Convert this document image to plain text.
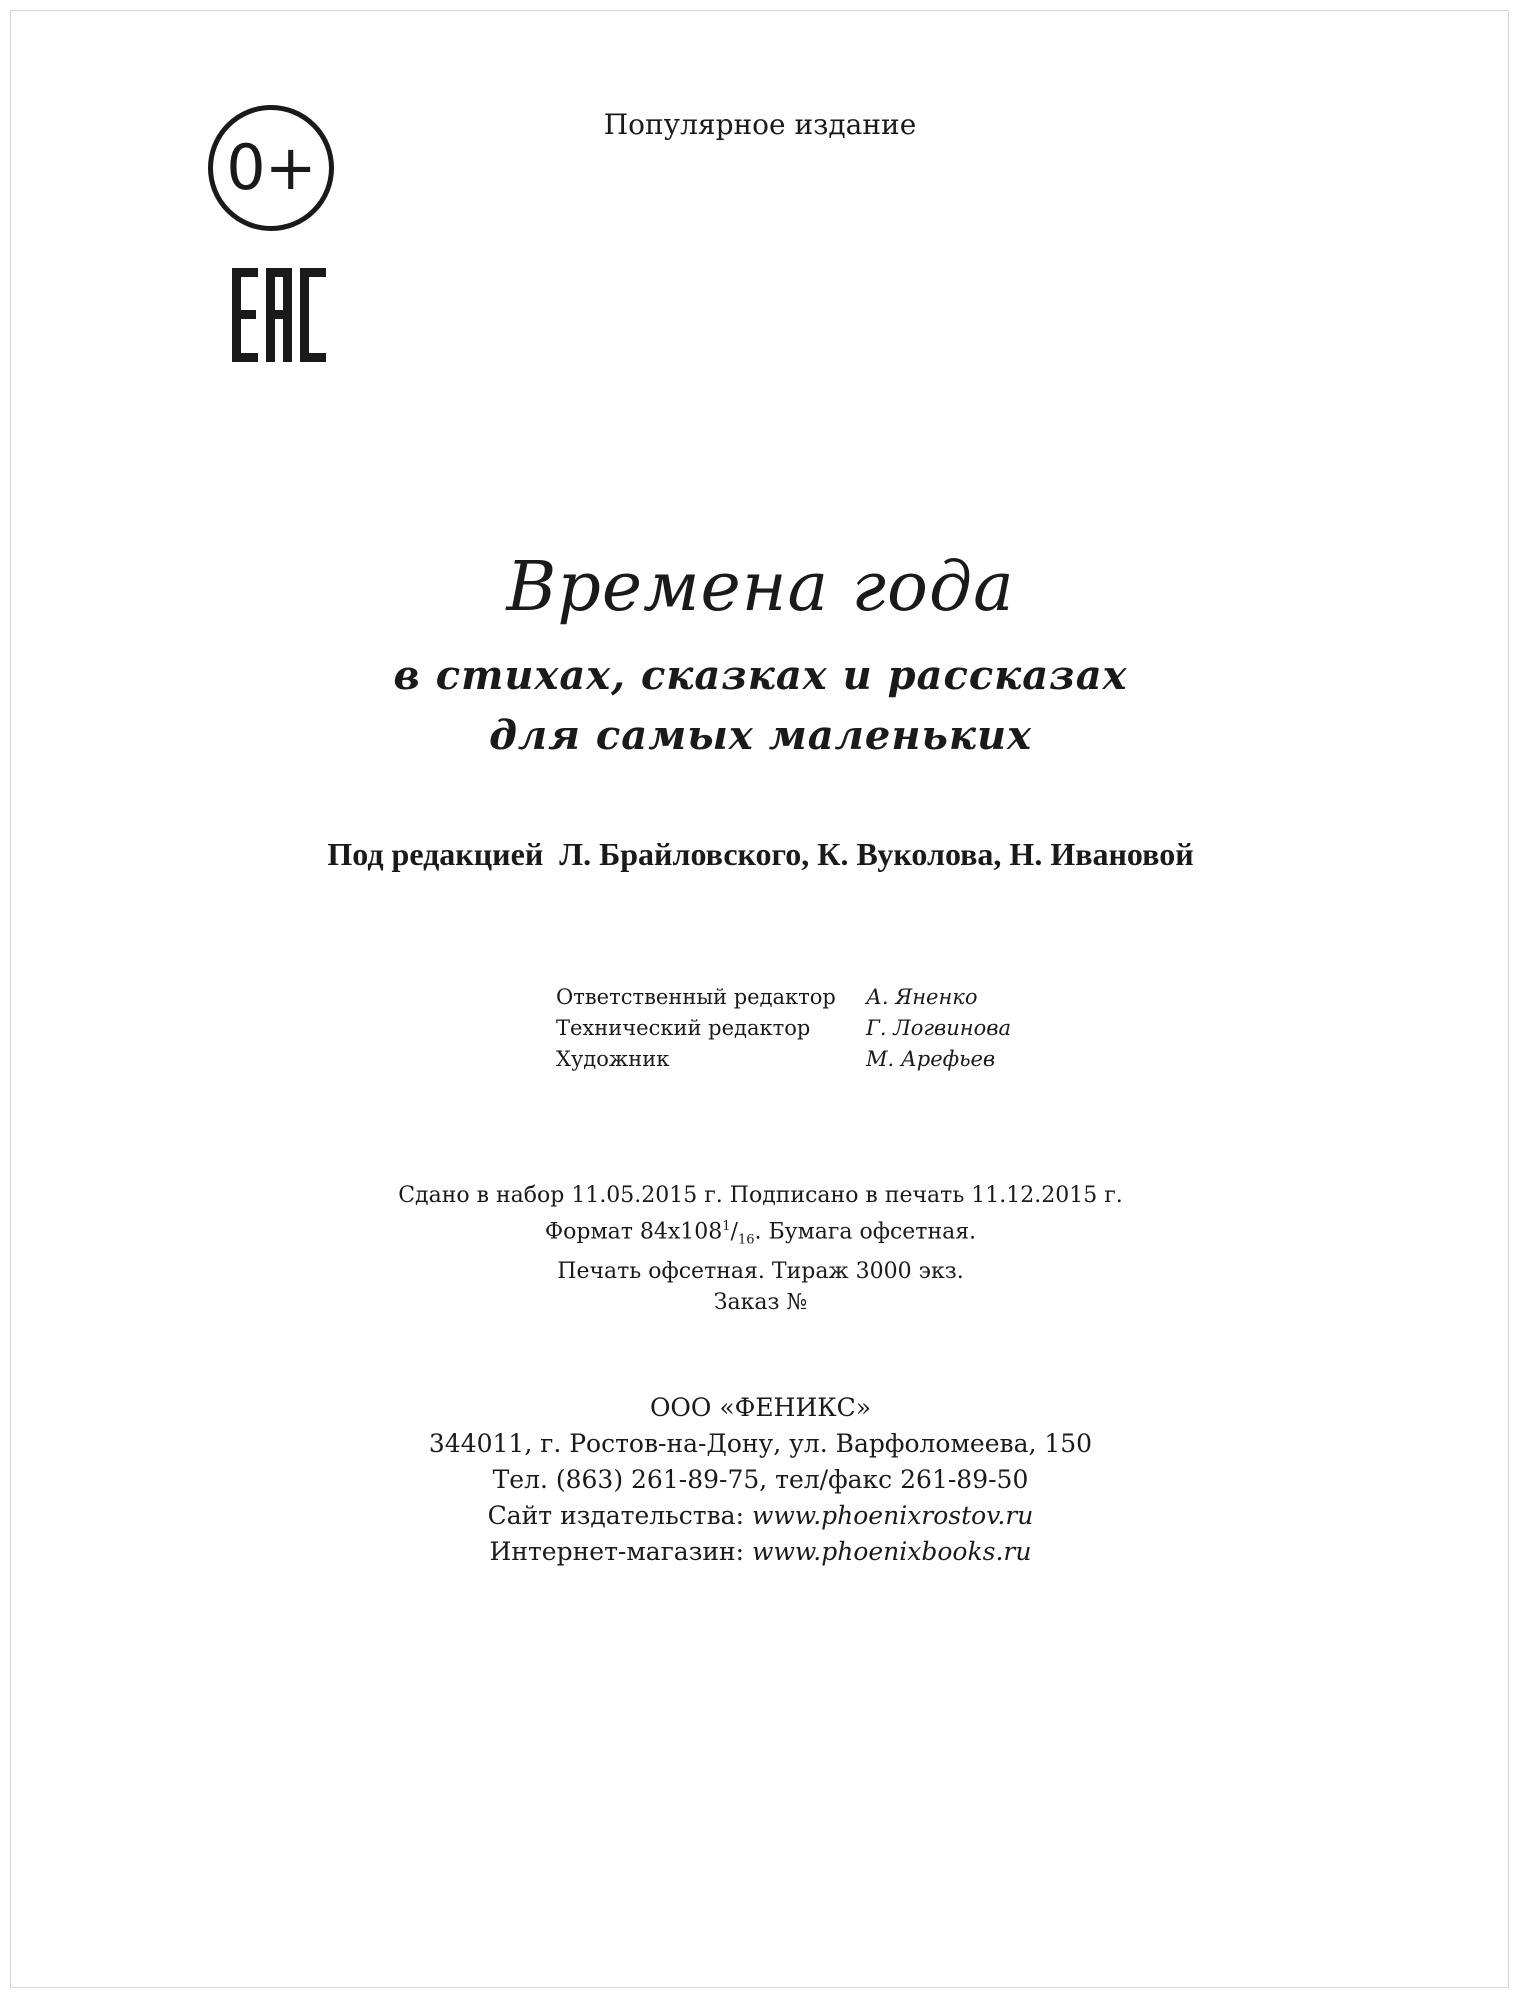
0+
Популярное издание
Времена года
в стихах, сказках и рассказах
для самых маленьких
Под редакцией  Л. Брайловского, К. Вуколова, Н. Ивановой
Ответственный редактор	А. Яненко
Технический редактор	Г. Логвинова
Художник	М. Арефьев
Сдано в набор 11.05.2015 г. Подписано в печать 11.12.2015 г.
Формат $84х108^1/_{16}$. Бумага офсетная.
Печать офсетная. Тираж 3000 экз.
Заказ №
ООО «ФЕНИКС»
344011, г. Ростов-на-Дону, ул. Варфоломеева, 150
Тел. (863) 261-89-75, тел/факс 261-89-50
Сайт издательства: www.phoenixrostov.ru
Интернет-магазин: www.phoenixbooks.ru
